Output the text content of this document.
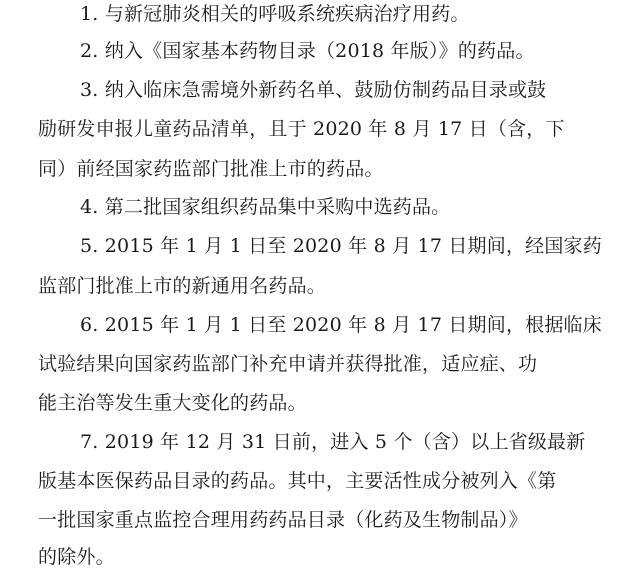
1. 与新冠肺炎相关的呼吸系统疾病治疗用药。

2. 纳入《国家基本药物目录（2018 年版）》的药品。

3. 纳入临床急需境外新药名单、鼓励仿制药品目录或鼓

励研发申报儿童药品清单，且于 2020 年 8 月 17 日（含，下

同）前经国家药监部门批准上市的药品。

4. 第二批国家组织药品集中采购中选药品。

5. 2015 年 1 月 1 日至 2020 年 8 月 17 日期间，经国家药

监部门批准上市的新通用名药品。

6. 2015 年 1 月 1 日至 2020 年 8 月 17 日期间，根据临床

试验结果向国家药监部门补充申请并获得批准，适应症、功

能主治等发生重大变化的药品。

7. 2019 年 12 月 31 日前，进入 5 个（含）以上省级最新

版基本医保药品目录的药品。其中，主要活性成分被列入《第

一批国家重点监控合理用药药品目录（化药及生物制品）》

的除外。
